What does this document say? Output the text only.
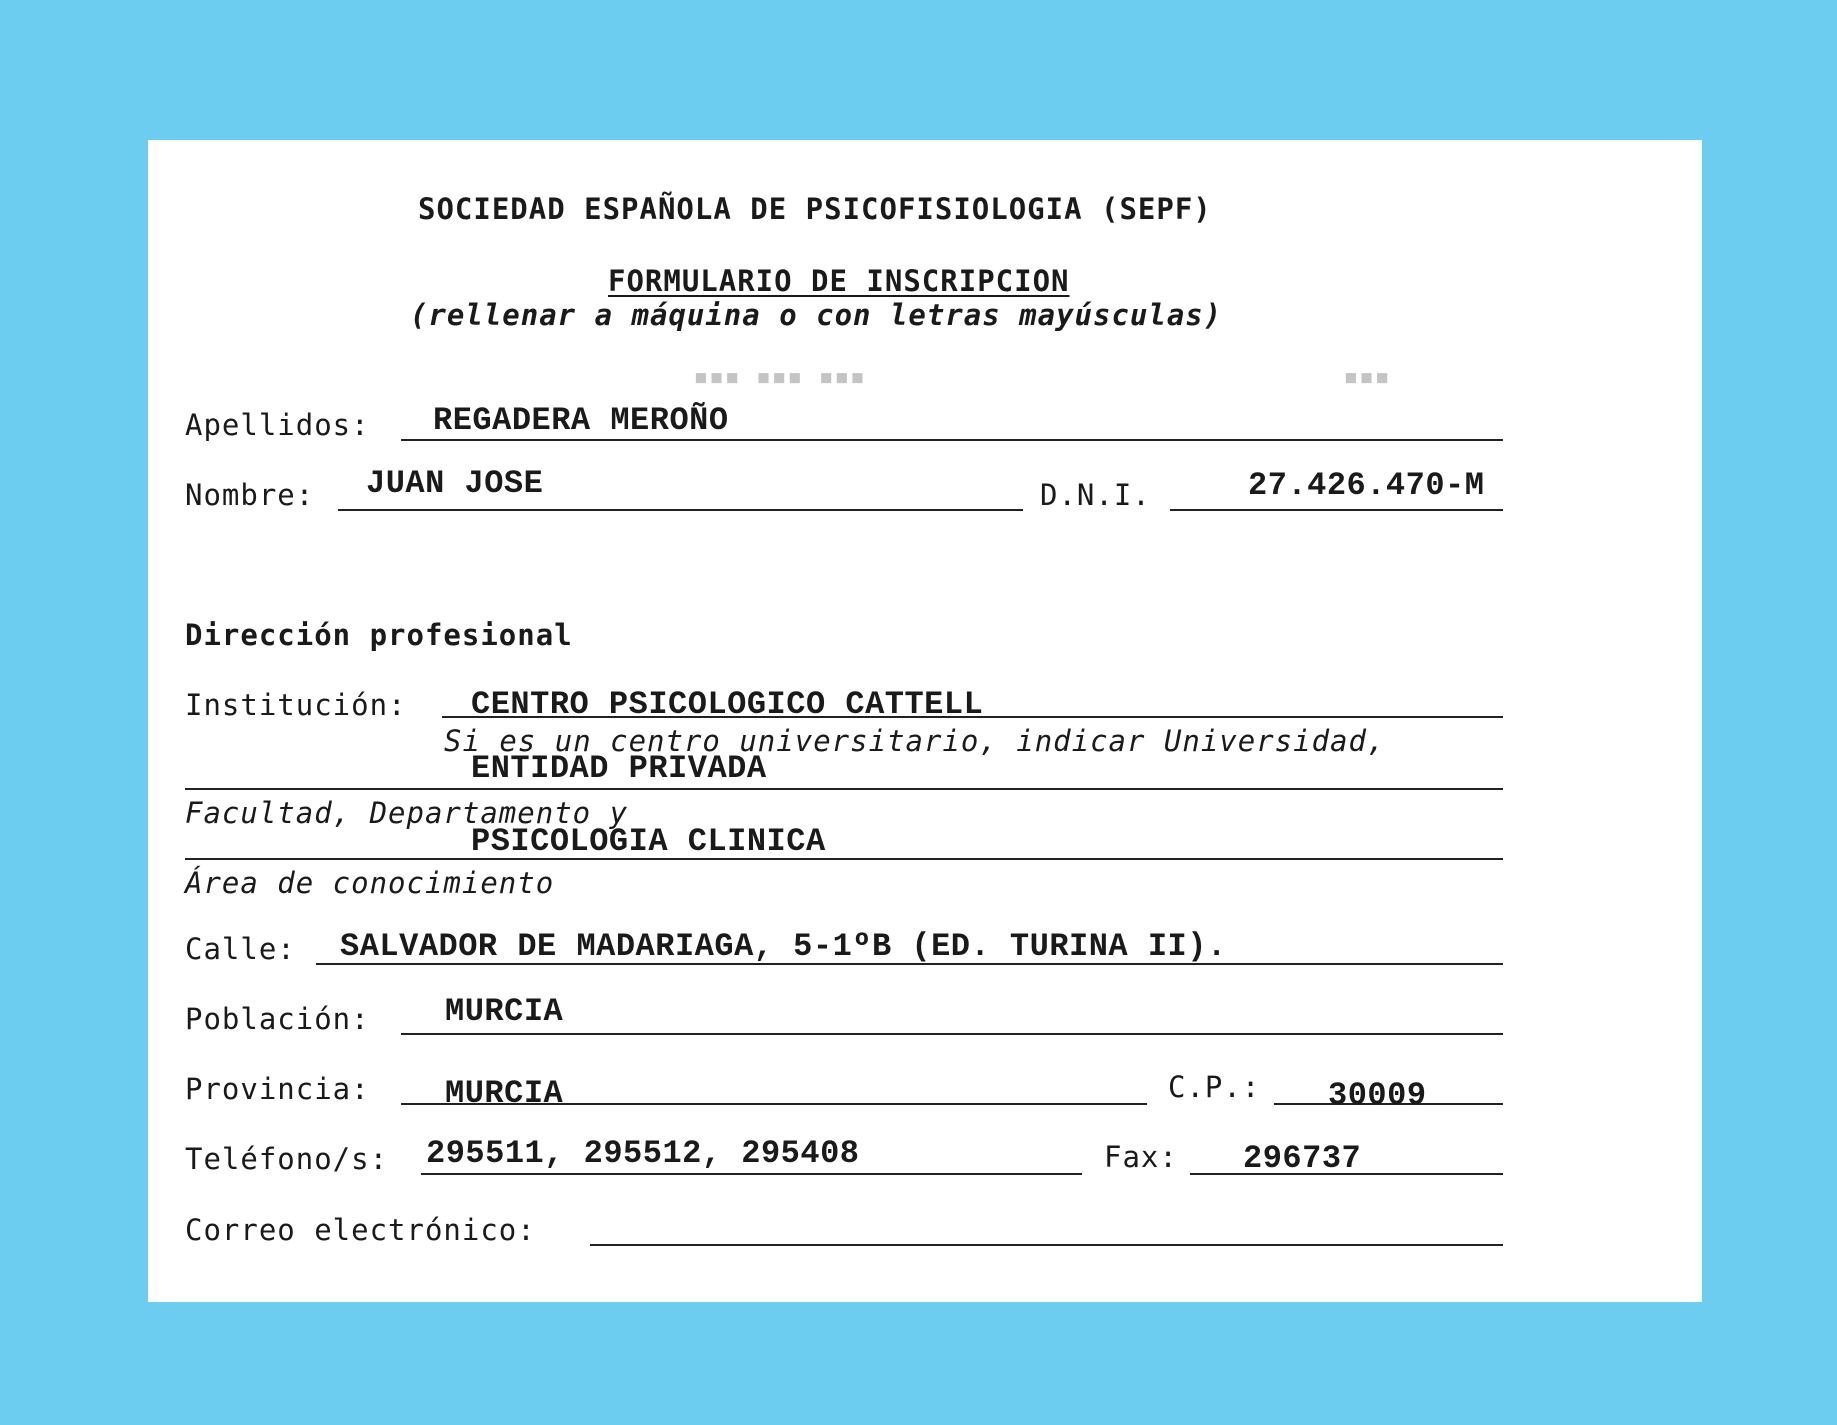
SOCIEDAD ESPAÑOLA DE PSICOFISIOLOGIA (SEPF)
FORMULARIO DE INSCRIPCION
(rellenar a máquina o con letras mayúsculas)
▪▪▪ ▪▪▪ ▪▪▪	▪▪▪
Apellidos: REGADERA MEROÑO
Nombre: JUAN JOSE	D.N.I.	27.426.470-M
Dirección profesional
Institución: CENTRO PSICOLOGICO CATTELL
Si es un centro universitario, indicar Universidad,
ENTIDAD PRIVADA
Facultad, Departamento y
PSICOLOGIA CLINICA
Área de conocimiento
Calle: SALVADOR DE MADARIAGA, 5-1ºB (ED. TURINA II).
Población: MURCIA
Provincia: MURCIA	C.P.: 30009
Teléfono/s: 295511, 295512, 295408	Fax: 296737
Correo electrónico:
